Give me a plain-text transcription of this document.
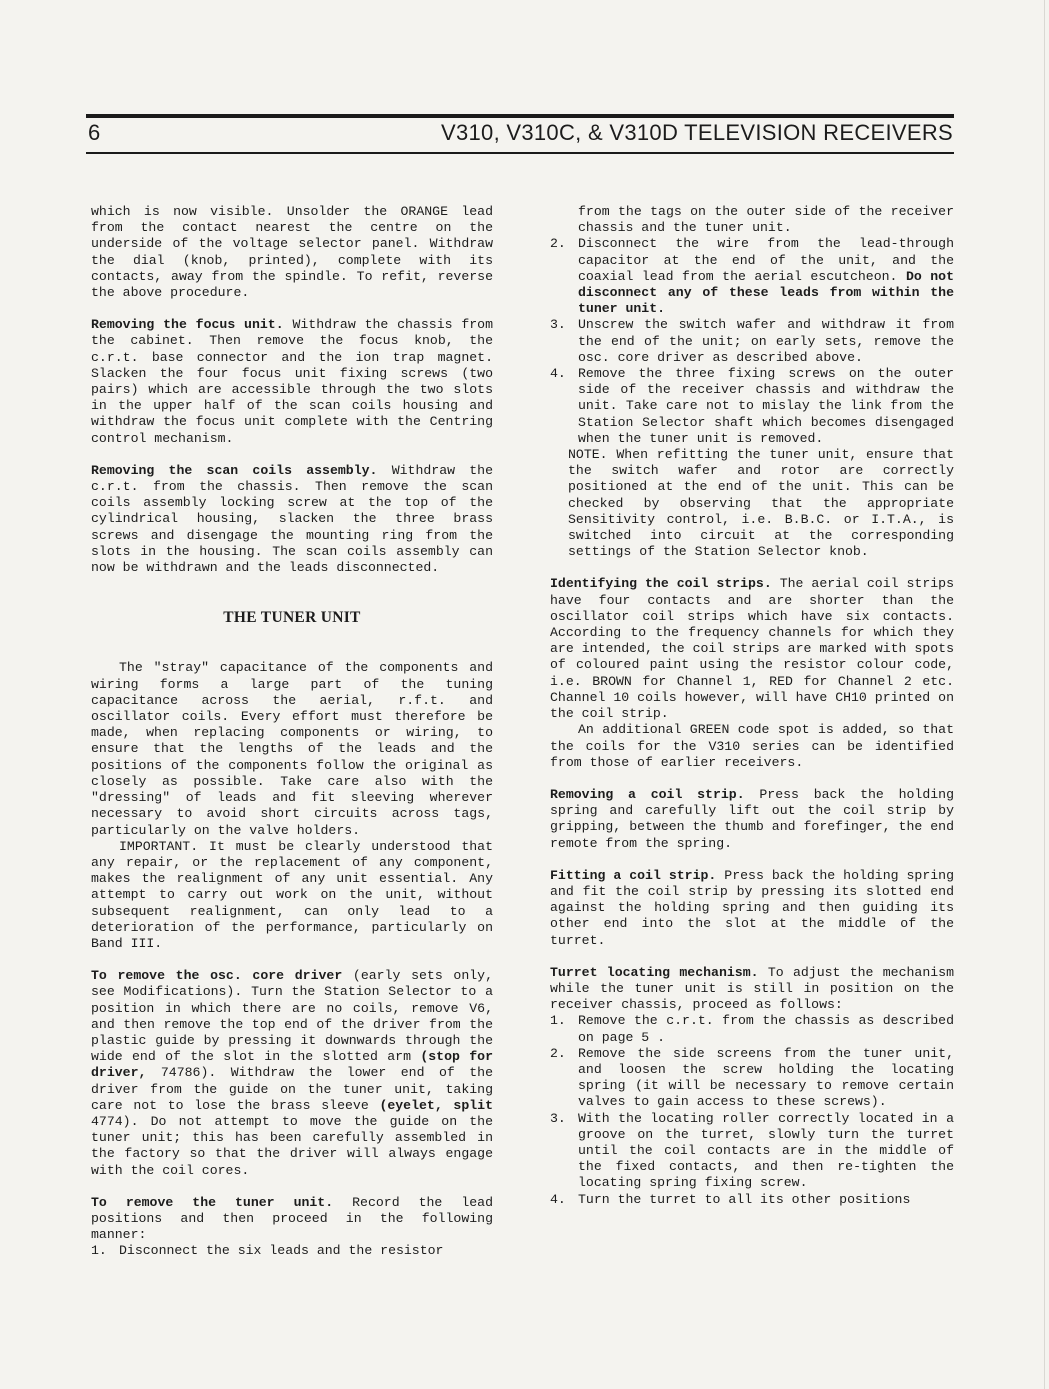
6	V310, V310C, & V310D TELEVISION RECEIVERS

which is now visible. Unsolder the ORANGE lead from the contact nearest the centre on the underside of the voltage selector panel. Withdraw the dial (knob, printed), complete with its contacts, away from the spindle. To refit, reverse the above procedure.

Removing the focus unit. Withdraw the chassis from the cabinet. Then remove the focus knob, the c.r.t. base connector and the ion trap magnet. Slacken the four focus unit fixing screws (two pairs) which are accessible through the two slots in the upper half of the scan coils housing and withdraw the focus unit complete with the Centring control mechanism.

Removing the scan coils assembly. Withdraw the c.r.t. from the chassis. Then remove the scan coils assembly locking screw at the top of the cylindrical housing, slacken the three brass screws and disengage the mounting ring from the slots in the housing. The scan coils assembly can now be withdrawn and the leads disconnected.

THE TUNER UNIT

The "stray" capacitance of the components and wiring forms a large part of the tuning capacitance across the aerial, r.f.t. and oscillator coils. Every effort must therefore be made, when replacing components or wiring, to ensure that the lengths of the leads and the positions of the components follow the original as closely as possible. Take care also with the "dressing" of leads and fit sleeving wherever necessary to avoid short circuits across tags, particularly on the valve holders.

IMPORTANT. It must be clearly understood that any repair, or the replacement of any component, makes the realignment of any unit essential. Any attempt to carry out work on the unit, without subsequent realignment, can only lead to a deterioration of the performance, particularly on Band III.

To remove the osc. core driver (early sets only, see Modifications). Turn the Station Selector to a position in which there are no coils, remove V6, and then remove the top end of the driver from the plastic guide by pressing it downwards through the wide end of the slot in the slotted arm (stop for driver, 74786). Withdraw the lower end of the driver from the guide on the tuner unit, taking care not to lose the brass sleeve (eyelet, split 4774). Do not attempt to move the guide on the tuner unit; this has been carefully assembled in the factory so that the driver will always engage with the coil cores.

To remove the tuner unit. Record the lead positions and then proceed in the following manner:

1. Disconnect the six leads and the resistor

from the tags on the outer side of the receiver chassis and the tuner unit.

2. Disconnect the wire from the lead-through capacitor at the end of the unit, and the coaxial lead from the aerial escutcheon. Do not disconnect any of these leads from within the tuner unit.
3. Unscrew the switch wafer and withdraw it from the end of the unit; on early sets, remove the osc. core driver as described above.
4. Remove the three fixing screws on the outer side of the receiver chassis and withdraw the unit. Take care not to mislay the link from the Station Selector shaft which becomes disengaged when the tuner unit is removed.

NOTE. When refitting the tuner unit, ensure that the switch wafer and rotor are correctly positioned at the end of the unit. This can be checked by observing that the appropriate Sensitivity control, i.e. B.B.C. or I.T.A., is switched into circuit at the corresponding settings of the Station Selector knob.

Identifying the coil strips. The aerial coil strips have four contacts and are shorter than the oscillator coil strips which have six contacts. According to the frequency channels for which they are intended, the coil strips are marked with spots of coloured paint using the resistor colour code, i.e. BROWN for Channel 1, RED for Channel 2 etc. Channel 10 coils however, will have CH10 printed on the coil strip.

An additional GREEN code spot is added, so that the coils for the V310 series can be identified from those of earlier receivers.

Removing a coil strip. Press back the holding spring and carefully lift out the coil strip by gripping, between the thumb and forefinger, the end remote from the spring.

Fitting a coil strip. Press back the holding spring and fit the coil strip by pressing its slotted end against the holding spring and then guiding its other end into the slot at the middle of the turret.

Turret locating mechanism. To adjust the mechanism while the tuner unit is still in position on the receiver chassis, proceed as follows:

1. Remove the c.r.t. from the chassis as described on page 5 .
2. Remove the side screens from the tuner unit, and loosen the screw holding the locating spring (it will be necessary to remove certain valves to gain access to these screws).
3. With the locating roller correctly located in a groove on the turret, slowly turn the turret until the coil contacts are in the middle of the fixed contacts, and then re-tighten the locating spring fixing screw.
4. Turn the turret to all its other positions
